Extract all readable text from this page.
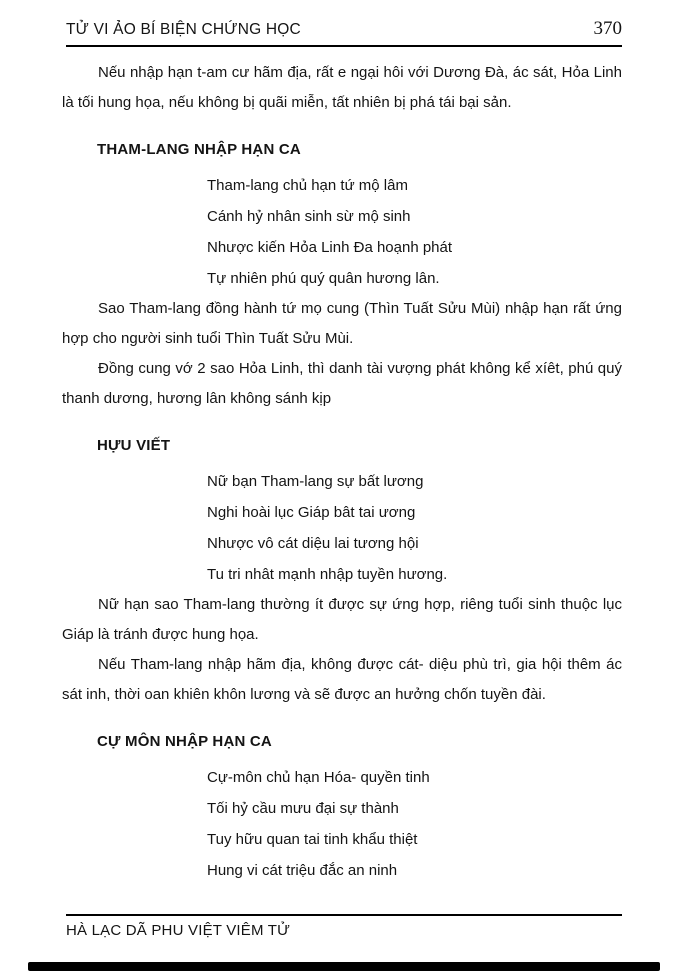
TỬ VI ẢO BÍ BIỆN CHỨNG HỌC	370

Nếu nhập hạn t-am cư hãm địa, rất e ngại hôi với Dương Đà, ác sát, Hỏa Linh là tối hung họa, nếu không bị quãi miễn, tất nhiên bị phá tái bại sản.

THAM-LANG NHẬP HẠN CA
Tham-lang chủ hạn tứ mộ lâm
Cánh hỷ nhân sinh sừ mộ sinh
Nhược kiến Hỏa Linh Đa hoạnh phát
Tự nhiên phú quý quân hương lân.

Sao Tham-lang đồng hành tứ mọ cung (Thìn Tuất Sửu Mùi) nhập hạn rất ứng hợp cho người sinh tuổi Thìn Tuất Sửu Mùi.

Đồng cung vớ 2 sao Hỏa Linh, thì danh tài vượng phát không kể xíêt, phú quý thanh dương, hương lân không sánh kịp

HỰU VIẾT
Nữ bạn Tham-lang sự bất lương
Nghi hoài lục Giáp bât tai ương
Nhược vô cát diệu lai tương hội
Tu tri nhât mạnh nhập tuyền hương.

Nữ hạn sao Tham-lang thường ít được sự ứng hợp, riêng tuổi sinh thuộc lục Giáp là tránh được hung họa.

Nếu Tham-lang nhập hãm địa, không được cát- diệu phù trì, gia hội thêm ác sát inh, thời oan khiên khôn lương và sẽ được an hưởng chốn tuyền đài.

CỰ MÔN NHẬP HẠN CA
Cự-môn chủ hạn Hóa- quyền tinh
Tối hỷ cầu mưu đại sự thành
Tuy hữu quan tai tinh khẩu thiệt
Hung vi cát triệu đắc an ninh
HÀ LẠC DÃ PHU VIỆT VIÊM TỬ
